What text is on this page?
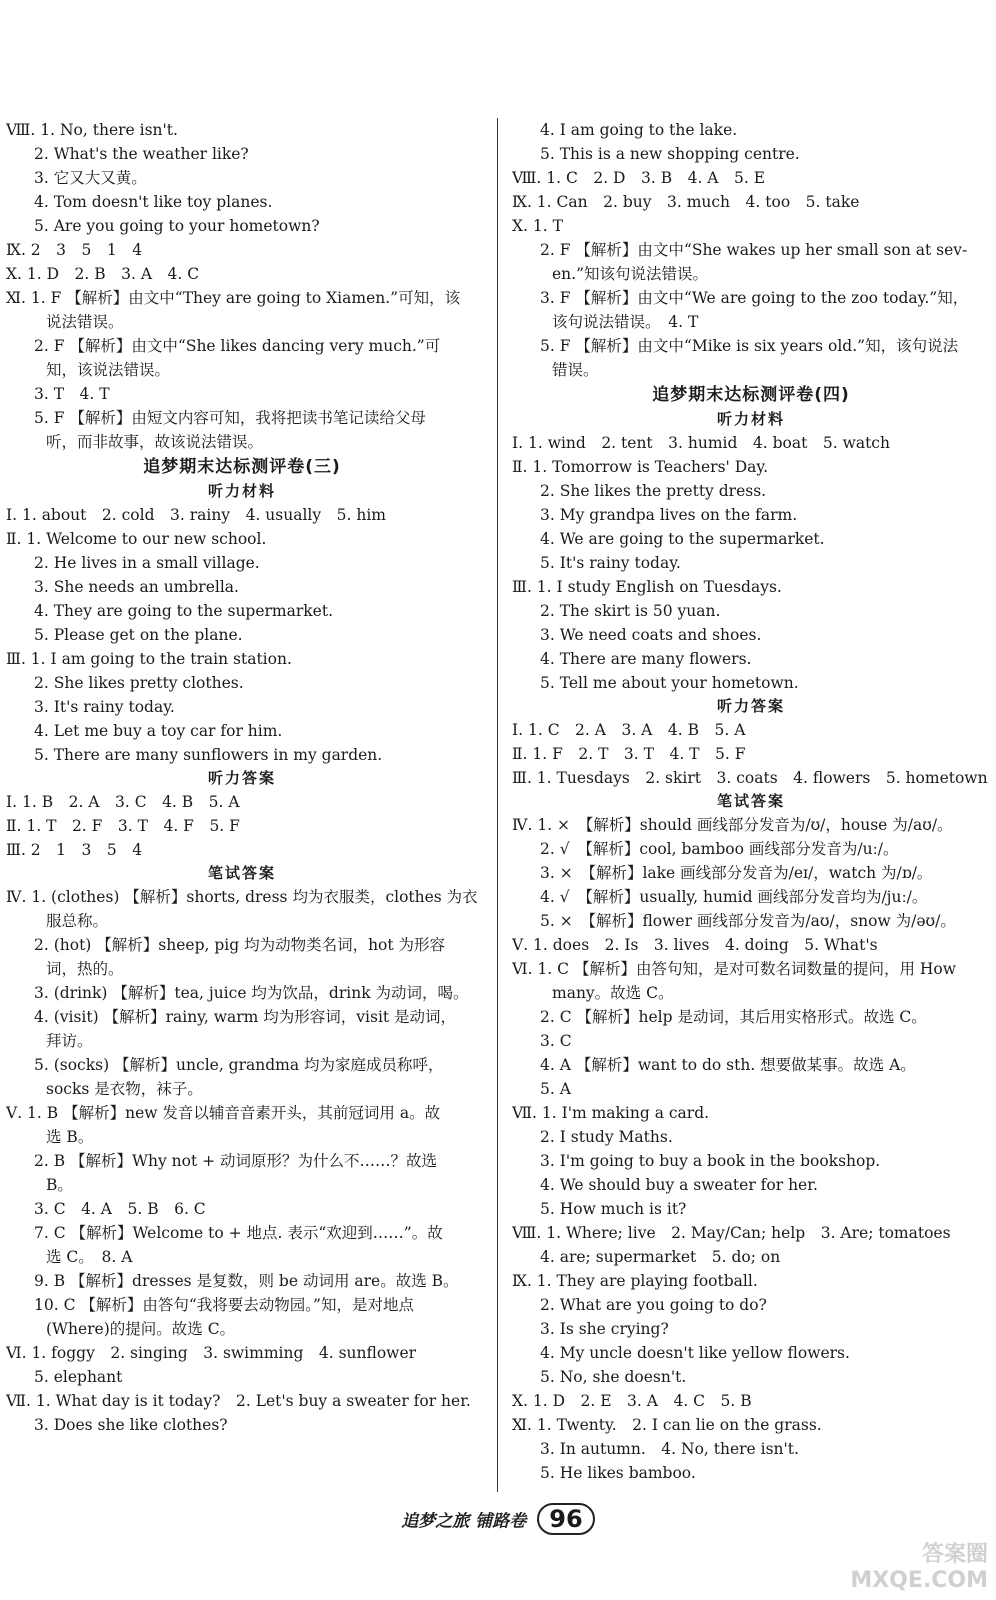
Ⅷ. 1. No, there isn't.
2. What's the weather like?
3. 它又大又黄。
4. Tom doesn't like toy planes.
5. Are you going to your hometown?
Ⅸ. 2　3　5　1　4
Ⅹ. 1. D　2. B　3. A　4. C
Ⅺ. 1. F 【解析】由文中“They are going to Xiamen.”可知，该
说法错误。
2. F 【解析】由文中“She likes dancing very much.”可
知，该说法错误。
3. T　4. T
5. F 【解析】由短文内容可知，我将把读书笔记读给父母
听，而非故事，故该说法错误。
追梦期末达标测评卷(三)
听力材料
Ⅰ. 1. about　2. cold　3. rainy　4. usually　5. him
Ⅱ. 1. Welcome to our new school.
2. He lives in a small village.
3. She needs an umbrella.
4. They are going to the supermarket.
5. Please get on the plane.
Ⅲ. 1. I am going to the train station.
2. She likes pretty clothes.
3. It's rainy today.
4. Let me buy a toy car for him.
5. There are many sunflowers in my garden.
听力答案
Ⅰ. 1. B　2. A　3. C　4. B　5. A
Ⅱ. 1. T　2. F　3. T　4. F　5. F
Ⅲ. 2　1　3　5　4
笔试答案
Ⅳ. 1. (clothes) 【解析】shorts, dress 均为衣服类，clothes 为衣
服总称。
2. (hot) 【解析】sheep, pig 均为动物类名词，hot 为形容
词，热的。
3. (drink) 【解析】tea, juice 均为饮品，drink 为动词，喝。
4. (visit) 【解析】rainy, warm 均为形容词，visit 是动词，
拜访。
5. (socks) 【解析】uncle, grandma 均为家庭成员称呼，
socks 是衣物，袜子。
Ⅴ. 1. B 【解析】new 发音以辅音音素开头，其前冠词用 a。故
选 B。
2. B 【解析】Why not + 动词原形？为什么不……？故选
B。
3. C　4. A　5. B　6. C
7. C 【解析】Welcome to + 地点. 表示“欢迎到……”。故
选 C。　8. A
9. B 【解析】dresses 是复数，则 be 动词用 are。故选 B。
10. C 【解析】由答句“我将要去动物园。”知，是对地点
(Where)的提问。故选 C。
Ⅵ. 1. foggy　2. singing　3. swimming　4. sunflower
5. elephant
Ⅶ. 1. What day is it today?　2. Let's buy a sweater for her.
3. Does she like clothes?
4. I am going to the lake.
5. This is a new shopping centre.
Ⅷ. 1. C　2. D　3. B　4. A　5. E
Ⅸ. 1. Can　2. buy　3. much　4. too　5. take
Ⅹ. 1. T
2. F 【解析】由文中“She wakes up her small son at sev-
en.”知该句说法错误。
3. F 【解析】由文中“We are going to the zoo today.”知，
该句说法错误。　4. T
5. F 【解析】由文中“Mike is six years old.”知，该句说法
错误。
追梦期末达标测评卷(四)
听力材料
Ⅰ. 1. wind　2. tent　3. humid　4. boat　5. watch
Ⅱ. 1. Tomorrow is Teachers' Day.
2. She likes the pretty dress.
3. My grandpa lives on the farm.
4. We are going to the supermarket.
5. It's rainy today.
Ⅲ. 1. I study English on Tuesdays.
2. The skirt is 50 yuan.
3. We need coats and shoes.
4. There are many flowers.
5. Tell me about your hometown.
听力答案
Ⅰ. 1. C　2. A　3. A　4. B　5. A
Ⅱ. 1. F　2. T　3. T　4. T　5. F
Ⅲ. 1. Tuesdays　2. skirt　3. coats　4. flowers　5. hometown
笔试答案
Ⅳ. 1. ×　【解析】should 画线部分发音为/ʊ/，house 为/aʊ/。
2. √　【解析】cool, bamboo 画线部分发音为/uː/。
3. ×　【解析】lake 画线部分发音为/eɪ/，watch 为/ɒ/。
4. √　【解析】usually, humid 画线部分发音均为/juː/。
5. ×　【解析】flower 画线部分发音为/aʊ/，snow 为/əʊ/。
Ⅴ. 1. does　2. Is　3. lives　4. doing　5. What's
Ⅵ. 1. C 【解析】由答句知，是对可数名词数量的提问，用 How
many。故选 C。
2. C 【解析】help 是动词，其后用实格形式。故选 C。
3. C
4. A 【解析】want to do sth. 想要做某事。故选 A。
5. A
Ⅶ. 1. I'm making a card.
2. I study Maths.
3. I'm going to buy a book in the bookshop.
4. We should buy a sweater for her.
5. How much is it?
Ⅷ. 1. Where; live　2. May/Can; help　3. Are; tomatoes
4. are; supermarket　5. do; on
Ⅸ. 1. They are playing football.
2. What are you going to do?
3. Is she crying?
4. My uncle doesn't like yellow flowers.
5. No, she doesn't.
Ⅹ. 1. D　2. E　3. A　4. C　5. B
Ⅺ. 1. Twenty.　2. I can lie on the grass.
3. In autumn.　4. No, there isn't.
5. He likes bamboo.
追梦之旅 铺路卷 96
答案圈
MXQE.COM
